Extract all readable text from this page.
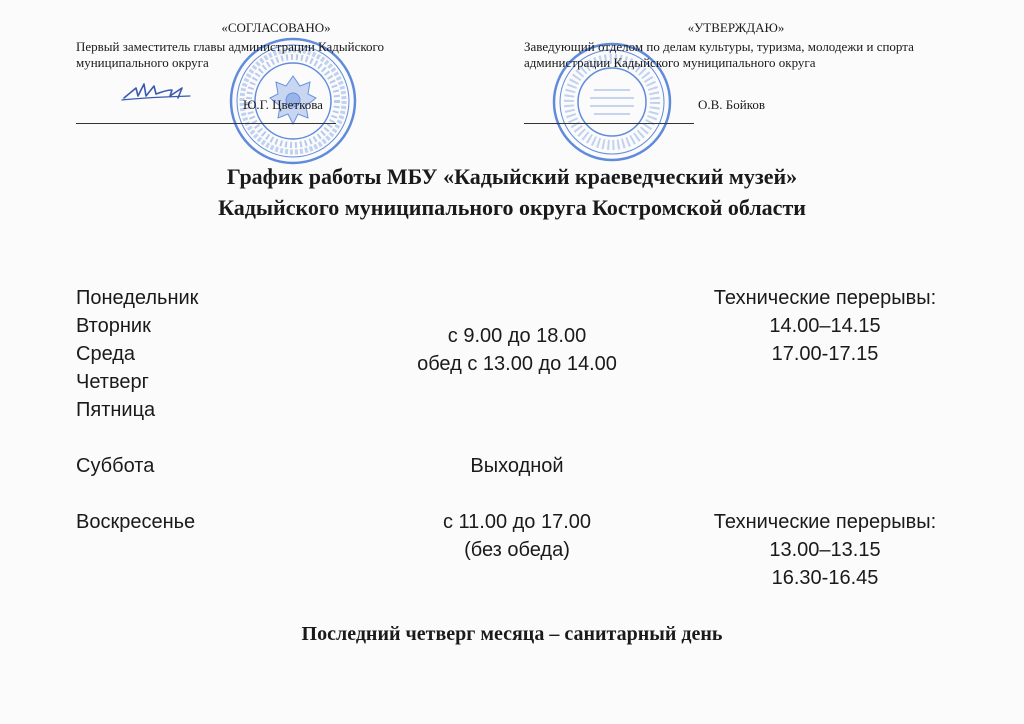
«СОГЛАСОВАНО»
Первый заместитель главы администрации Кадыйского муниципального округа
Ю.Г. Цветкова
«УТВЕРЖДАЮ»
Заведующий отделом по делам культуры, туризма, молодежи и спорта администрации Кадыйского муниципального округа
О.В. Бойков
График работы МБУ «Кадыйский краеведческий музей»
Кадыйского муниципального округа Костромской области
Понедельник
Вторник
Среда
Четверг
Пятница
с 9.00 до 18.00
обед с 13.00 до 14.00
Технические перерывы:
14.00–14.15
17.00-17.15
Суббота	Выходной
Воскресенье	с 11.00 до 17.00
(без обеда)
Технические перерывы:
13.00–13.15
16.30-16.45
Последний четверг месяца – санитарный день
